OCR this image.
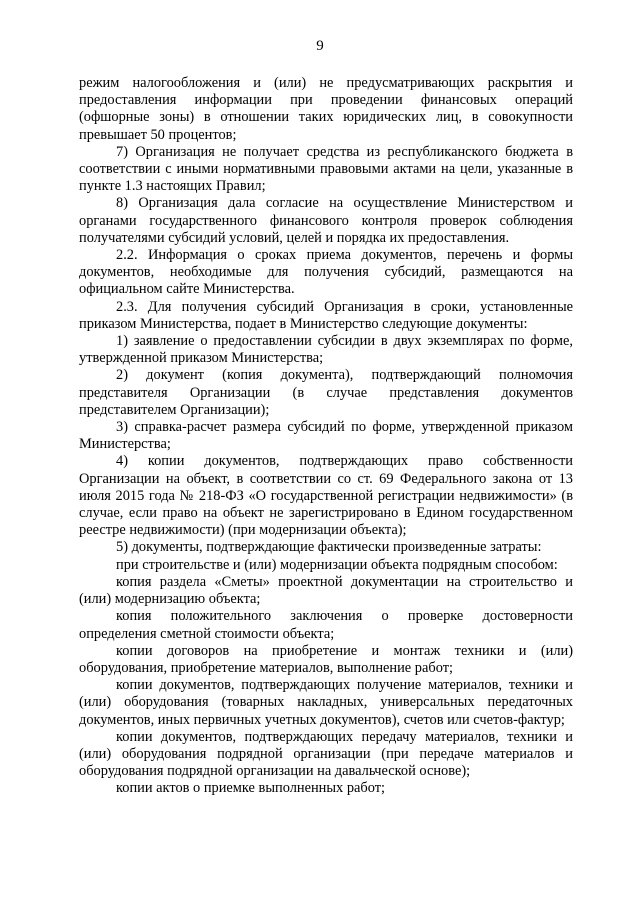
9

режим налогообложения и (или) не предусматривающих раскрытия и предоставления информации при проведении финансовых операций (офшорные зоны) в отношении таких юридических лиц, в совокупности превышает 50 процентов;

7) Организация не получает средства из республиканского бюджета в соответствии с иными нормативными правовыми актами на цели, указанные в пункте 1.3 настоящих Правил;

8) Организация дала согласие на осуществление Министерством и органами государственного финансового контроля проверок соблюдения получателями субсидий условий, целей и порядка их предоставления.

2.2. Информация о сроках приема документов, перечень и формы документов, необходимые для получения субсидий, размещаются на официальном сайте Министерства.

2.3. Для получения субсидий Организация в сроки, установленные приказом Министерства, подает в Министерство следующие документы:

1) заявление о предоставлении субсидии в двух экземплярах по форме, утвержденной приказом Министерства;

2) документ (копия документа), подтверждающий полномочия представителя Организации (в случае представления документов представителем Организации);

3) справка-расчет размера субсидий по форме, утвержденной приказом Министерства;

4) копии документов, подтверждающих право собственности Организации на объект, в соответствии со ст. 69 Федерального закона от 13 июля 2015 года № 218-ФЗ «О государственной регистрации недвижимости» (в случае, если право на объект не зарегистрировано в Едином государственном реестре недвижимости) (при модернизации объекта);

5) документы, подтверждающие фактически произведенные затраты:

при строительстве и (или) модернизации объекта подрядным способом:

копия раздела «Сметы» проектной документации на строительство и (или) модернизацию объекта;

копия положительного заключения о проверке достоверности определения сметной стоимости объекта;

копии договоров на приобретение и монтаж техники и (или) оборудования, приобретение материалов, выполнение работ;

копии документов, подтверждающих получение материалов, техники и (или) оборудования (товарных накладных, универсальных передаточных документов, иных первичных учетных документов), счетов или счетов-фактур;

копии документов, подтверждающих передачу материалов, техники и (или) оборудования подрядной организации (при передаче материалов и оборудования подрядной организации на давальческой основе);

копии актов о приемке выполненных работ;
